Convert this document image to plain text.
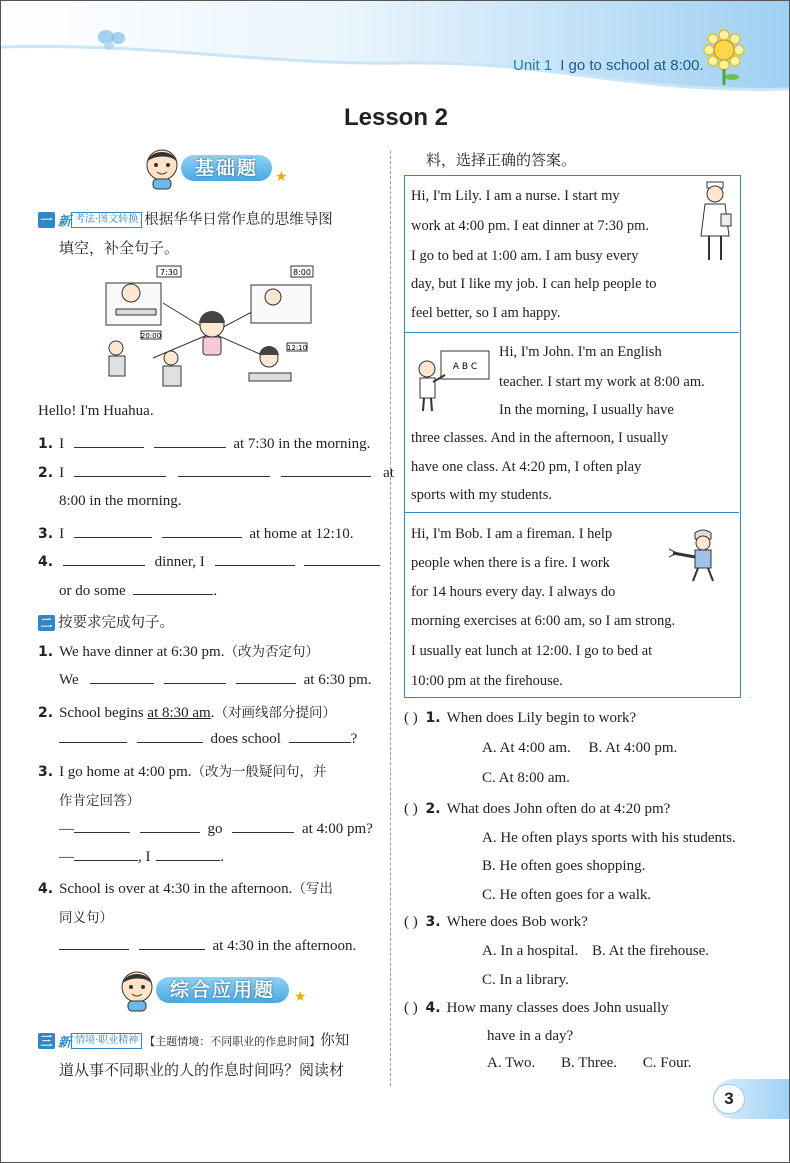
Unit 1 I go to school at 8:00.
Lesson 2
基础题	★
一 新 考法·图文转换 根据华华日常作息的思维导图
填空，补全句子。
7:30	8:00
20:00
12:10
Hello! I'm Huahua.
1. I	at 7:30 in the morning.
2. I	at
8:00 in the morning.
3. I	at home at 12:10.
4.	dinner, I
or do some	.
二 按要求完成句子。
1. We have dinner at 6:30 pm.（改为否定句）
We	at 6:30 pm.
2. School begins at 8:30 am.（对画线部分提问）
does school	?
3. I go home at 4:00 pm.（改为一般疑问句，并
作肯定回答）
—	go	at 4:00 pm?
—	, I	.
4. School is over at 4:30 in the afternoon.（写出
同义句）
at 4:30 in the afternoon.
综合应用题	★
三 新 情境·职业精神 【主题情境：不同职业的作息时间】你知
道从事不同职业的人的作息时间吗？阅读材
料，选择正确的答案。
Hi, I'm Lily. I am a nurse. I start my
work at 4:00 pm. I eat dinner at 7:30 pm.
I go to bed at 1:00 am. I am busy every
day, but I like my job. I can help people to
feel better, so I am happy.
Hi, I'm John. I'm an English
teacher. I start my work at 8:00 am.
In the morning, I usually have
three classes. And in the afternoon, I usually
have one class. At 4:20 pm, I often play
sports with my students.
A B C
Hi, I'm Bob. I am a fireman. I help
people when there is a fire. I work
for 14 hours every day. I always do
morning exercises at 6:00 am, so I am strong.
I usually eat lunch at 12:00. I go to bed at
10:00 pm at the firehouse.
( ) 1. When does Lily begin to work?
A. At 4:00 am. B. At 4:00 pm.
C. At 8:00 am.
( ) 2. What does John often do at 4:20 pm?
A. He often plays sports with his students.
B. He often goes shopping.
C. He often goes for a walk.
( ) 3. Where does Bob work?
A. In a hospital. B. At the firehouse.
C. In a library.
( ) 4. How many classes does John usually
have in a day?
A. Two. B. Three. C. Four.
3
